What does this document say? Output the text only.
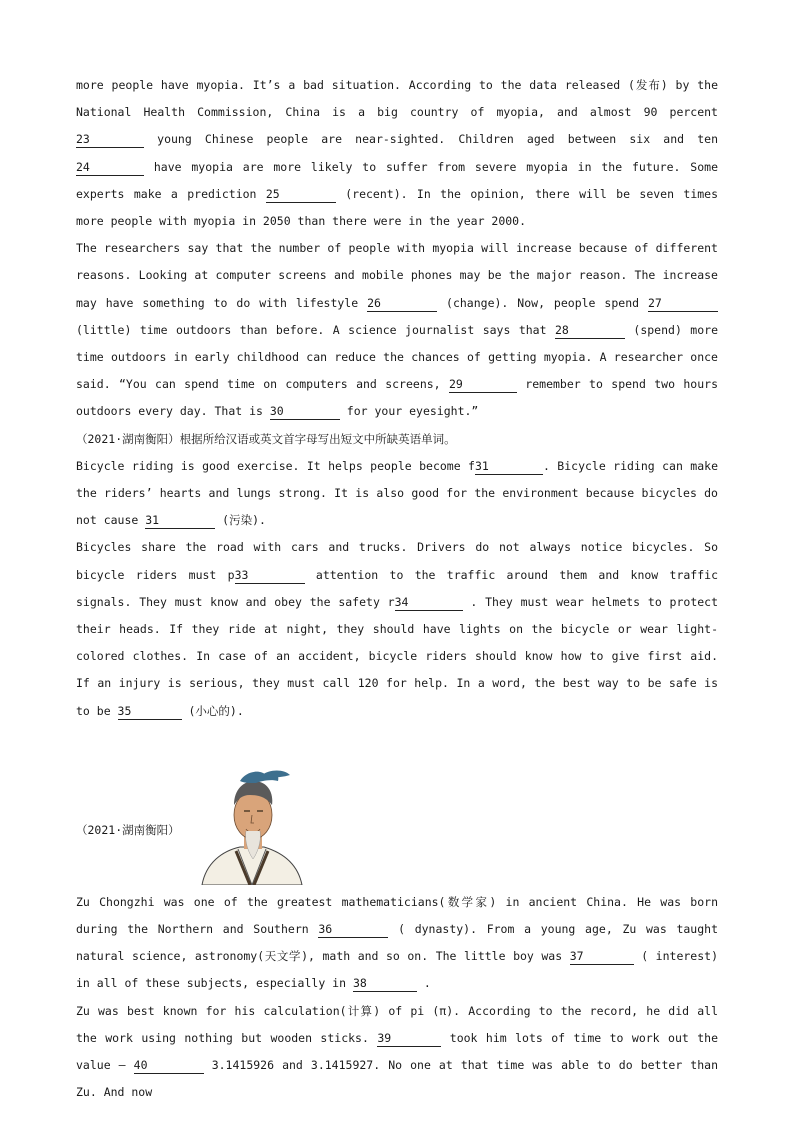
more people have myopia. It’s a bad situation. According to the data released (发布) by the National Health Commission, China is a big country of myopia, and almost 90 percent 23	young Chinese people are near-sighted. Children aged between six and ten 24	have myopia are more likely to suffer from severe myopia in the future. Some experts make a prediction 25	(recent). In the opinion, there will be seven times more people with myopia in 2050 than there were in the year 2000.

The researchers say that the number of people with myopia will increase because of different reasons. Looking at computer screens and mobile phones may be the major reason. The increase may have something to do with lifestyle 26	(change). Now, people spend 27 (little) time outdoors than before. A science journalist says that 28	(spend) more time outdoors in early childhood can reduce the chances of getting myopia. A researcher once said. “You can spend time on computers and screens, 29	remember to spend two hours outdoors every day. That is 30	for your eyesight.”

（2021·湖南衡阳）根据所给汉语或英文首字母写出短文中所缺英语单词。

Bicycle riding is good exercise. It helps people become f31	. Bicycle riding can make the riders’ hearts and lungs strong. It is also good for the environment because bicycles do not cause 31	(污染).

Bicycles share the road with cars and trucks. Drivers do not always notice bicycles. So bicycle riders must p33	attention to the traffic around them and know traffic signals. They must know and obey the safety r34	. They must wear helmets to protect their heads. If they ride at night, they should have lights on the bicycle or wear light-colored clothes. In case of an accident, bicycle riders should know how to give first aid. If an injury is serious, they must call 120 for help. In a word, the best way to be safe is to be 35	(小心的).

（2021·湖南衡阳）

Zu Chongzhi was one of the greatest mathematicians(数学家) in ancient China. He was born during the Northern and Southern 36	( dynasty). From a young age, Zu was taught natural science, astronomy(天文学), math and so on. The little boy was 37	( interest) in all of these subjects, especially in 38	.

Zu was best known for his calculation(计算) of pi (π). According to the record, he did all the work using nothing but wooden sticks. 39	took him lots of time to work out the value — 40	3.1415926 and 3.1415927. No one at that time was able to do better than Zu. And now
